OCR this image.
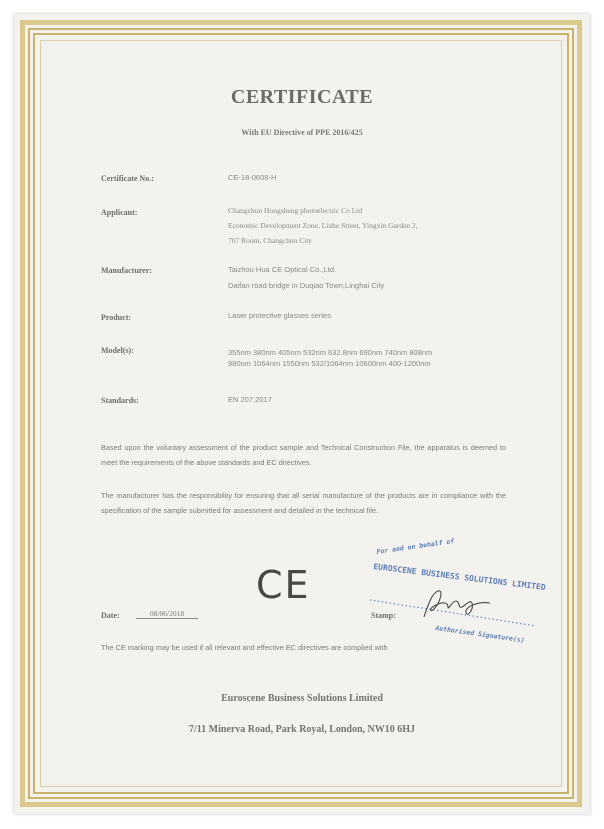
CERTIFICATE
With EU Directive of PPE 2016/425
Certificate No.:	CE-18-0608-H
Applicant:	Changchun Hongsheng photoelectric Co Ltd
Economic Development Zone, Linhe Street, Yingxin Garden 2,
707 Room, Changchun City
Manufacturer:	Taizhou Hua CE Optical Co.,Ltd.
Daifan road bridge in Duqiao Town,Linghai City
Product:	Laser protective glasses series
Model(s):	355nm 380nm 405nm 532nm 632.8nm 690nm 740nm 808nm
980nm 1064nm 1550nm 532/1064nm 10600nm 400-1200nm
Standards:	EN 207:2017
Based upon the voluntary assessment of the product sample and Technical Construction File, the apparatus is deemed to meet the requirements of the above standards and EC directives.
The manufacturer has the responsibility for ensuring that all serial manufacture of the products are in compliance with the specification of the sample submitted for assessment and detailed in the technical file.
CE
Date:	08/06/2018
For and on behalf of
EUROSCENE BUSINESS SOLUTIONS LIMITED
Authorised Signature(s)
Stamp:
The CE marking may be used if all relevant and effective EC directives are complied with
Euroscene Business Solutions Limited
7/11 Minerva Road, Park Royal, London, NW10 6HJ
